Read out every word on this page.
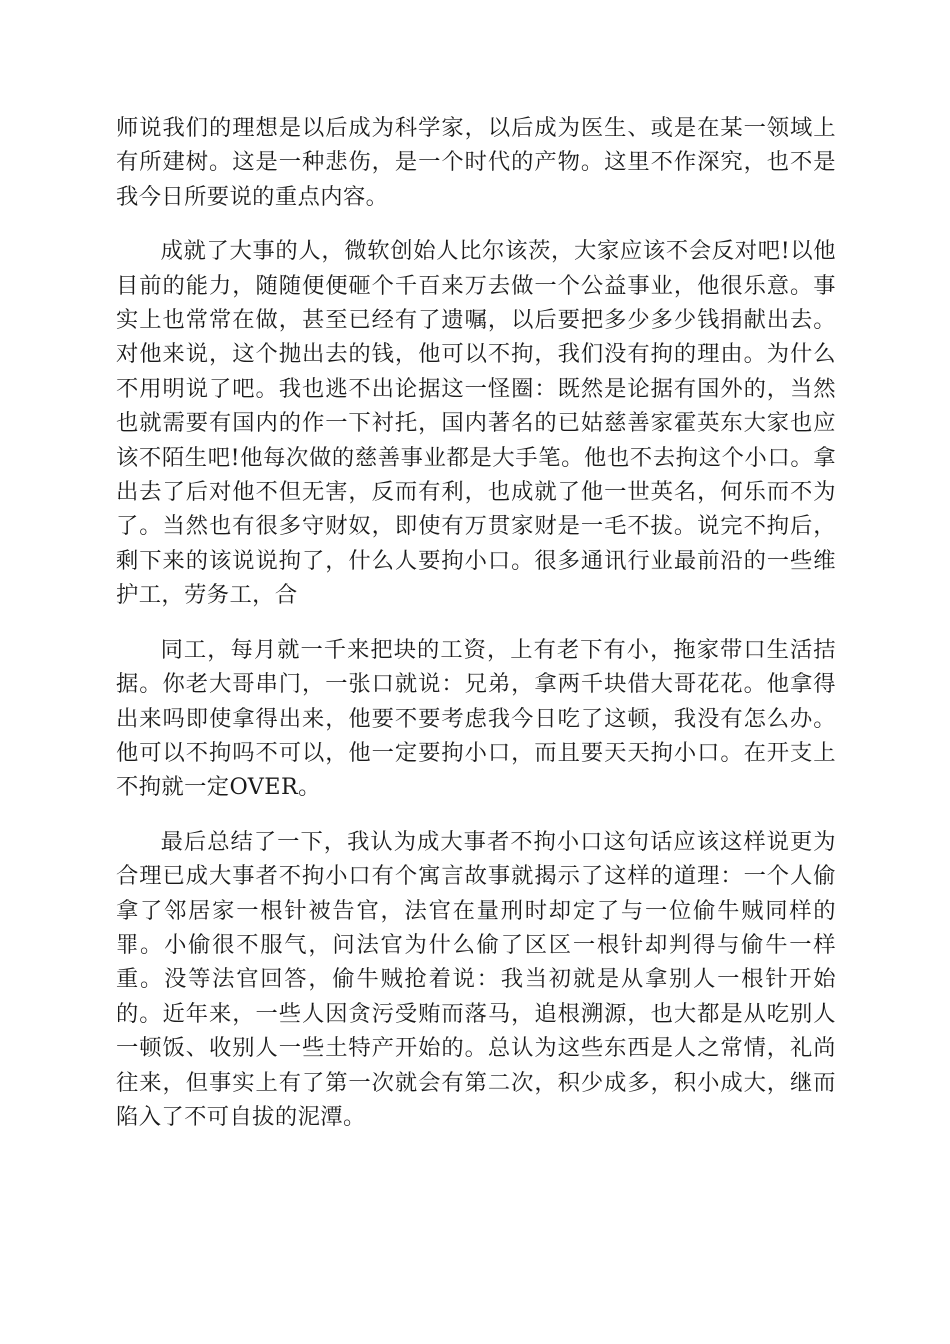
师说我们的理想是以后成为科学家，以后成为医生、或是在某一领域上有所建树。这是一种悲伤，是一个时代的产物。这里不作深究，也不是我今日所要说的重点内容。

成就了大事的人，微软创始人比尔该茨，大家应该不会反对吧!以他目前的能力，随随便便砸个千百来万去做一个公益事业，他很乐意。事实上也常常在做，甚至已经有了遗嘱，以后要把多少多少钱捐献出去。对他来说，这个抛出去的钱，他可以不拘，我们没有拘的理由。为什么不用明说了吧。我也逃不出论据这一怪圈：既然是论据有国外的，当然也就需要有国内的作一下衬托，国内著名的已姑慈善家霍英东大家也应该不陌生吧!他每次做的慈善事业都是大手笔。他也不去拘这个小口。拿出去了后对他不但无害，反而有利，也成就了他一世英名，何乐而不为了。当然也有很多守财奴，即使有万贯家财是一毛不拔。说完不拘后，剩下来的该说说拘了，什么人要拘小口。很多通讯行业最前沿的一些维护工，劳务工，合

同工，每月就一千来把块的工资，上有老下有小，拖家带口生活拮据。你老大哥串门，一张口就说：兄弟，拿两千块借大哥花花。他拿得出来吗即使拿得出来，他要不要考虑我今日吃了这顿，我没有怎么办。他可以不拘吗不可以，他一定要拘小口，而且要天天拘小口。在开支上不拘就一定OVER。

最后总结了一下，我认为成大事者不拘小口这句话应该这样说更为合理已成大事者不拘小口有个寓言故事就揭示了这样的道理：一个人偷拿了邻居家一根针被告官，法官在量刑时却定了与一位偷牛贼同样的罪。小偷很不服气，问法官为什么偷了区区一根针却判得与偷牛一样重。没等法官回答，偷牛贼抢着说：我当初就是从拿别人一根针开始的。近年来，一些人因贪污受贿而落马，追根溯源，也大都是从吃别人一顿饭、收别人一些土特产开始的。总认为这些东西是人之常情，礼尚往来，但事实上有了第一次就会有第二次，积少成多，积小成大，继而陷入了不可自拔的泥潭。
